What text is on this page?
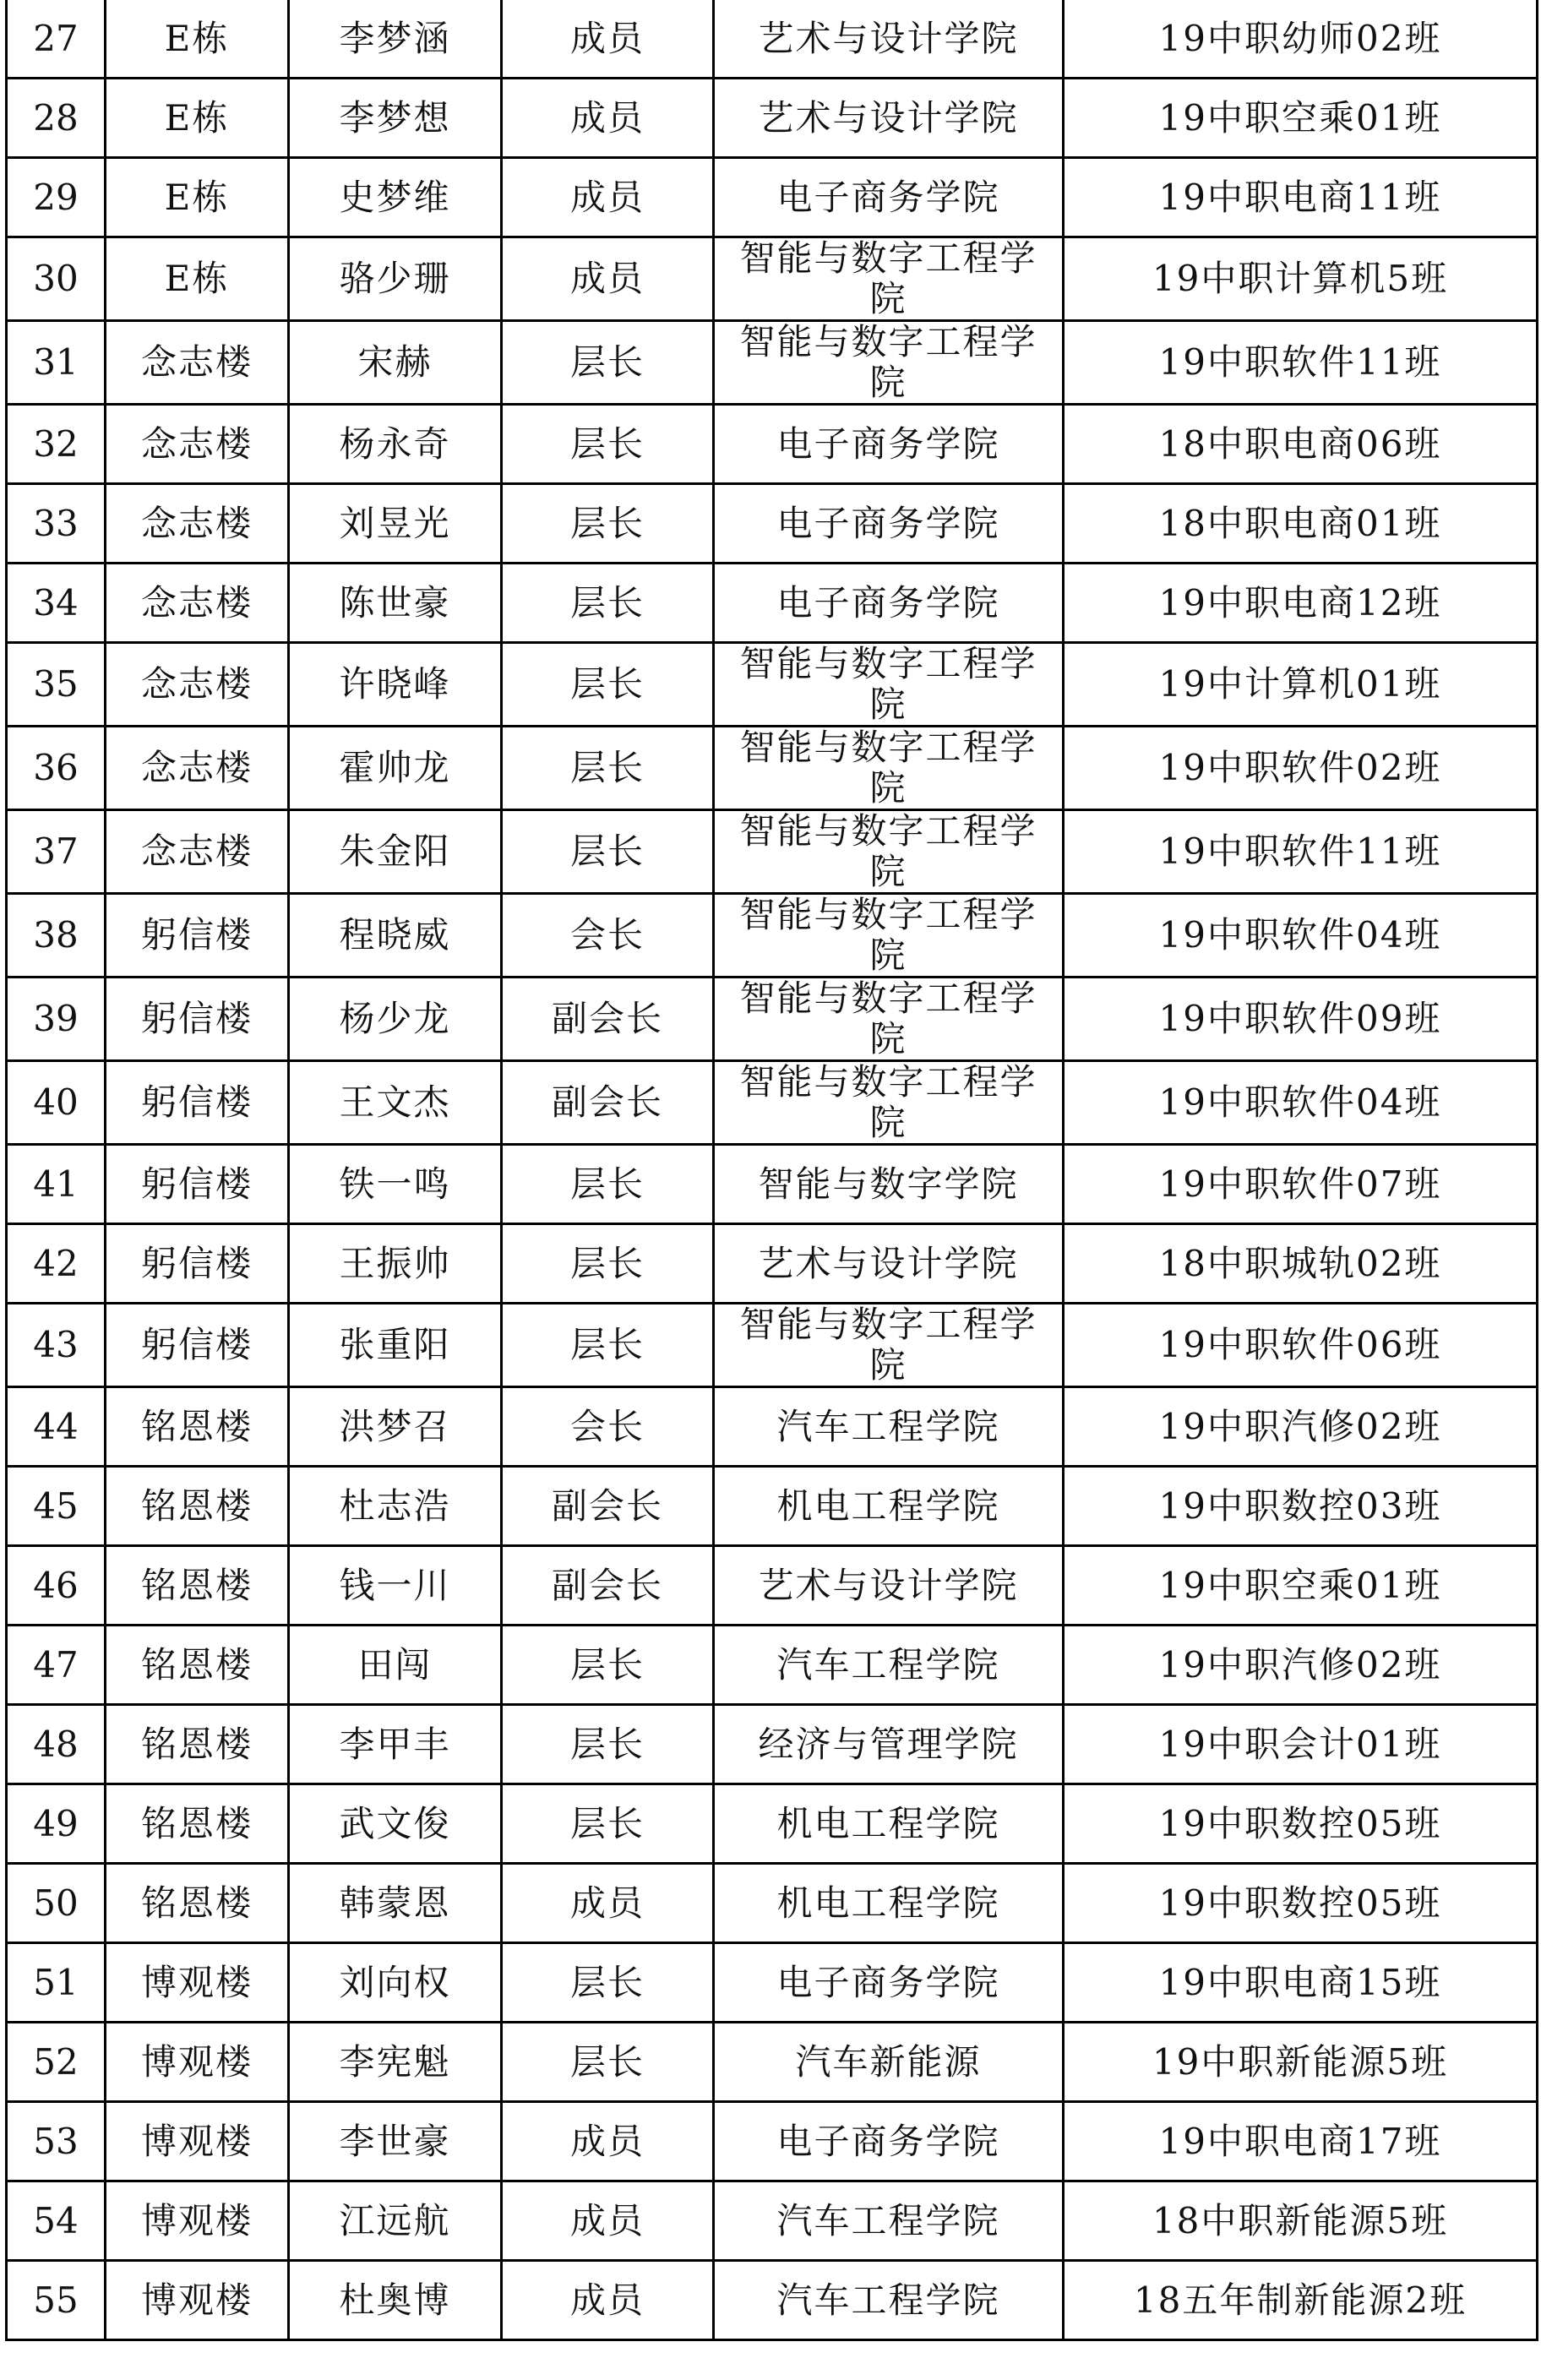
27	E栋	李梦涵	成员	艺术与设计学院	19中职幼师02班
28	E栋	李梦想	成员	艺术与设计学院	19中职空乘01班
29	E栋	史梦维	成员	电子商务学院	19中职电商11班
30	E栋	骆少珊	成员	智能与数字工程学院	19中职计算机5班
31	念志楼	宋赫	层长	智能与数字工程学院	19中职软件11班
32	念志楼	杨永奇	层长	电子商务学院	18中职电商06班
33	念志楼	刘昱光	层长	电子商务学院	18中职电商01班
34	念志楼	陈世豪	层长	电子商务学院	19中职电商12班
35	念志楼	许晓峰	层长	智能与数字工程学院	19中计算机01班
36	念志楼	霍帅龙	层长	智能与数字工程学院	19中职软件02班
37	念志楼	朱金阳	层长	智能与数字工程学院	19中职软件11班
38	躬信楼	程晓威	会长	智能与数字工程学院	19中职软件04班
39	躬信楼	杨少龙	副会长	智能与数字工程学院	19中职软件09班
40	躬信楼	王文杰	副会长	智能与数字工程学院	19中职软件04班
41	躬信楼	铁一鸣	层长	智能与数字学院	19中职软件07班
42	躬信楼	王振帅	层长	艺术与设计学院	18中职城轨02班
43	躬信楼	张重阳	层长	智能与数字工程学院	19中职软件06班
44	铭恩楼	洪梦召	会长	汽车工程学院	19中职汽修02班
45	铭恩楼	杜志浩	副会长	机电工程学院	19中职数控03班
46	铭恩楼	钱一川	副会长	艺术与设计学院	19中职空乘01班
47	铭恩楼	田闯	层长	汽车工程学院	19中职汽修02班
48	铭恩楼	李甲丰	层长	经济与管理学院	19中职会计01班
49	铭恩楼	武文俊	层长	机电工程学院	19中职数控05班
50	铭恩楼	韩蒙恩	成员	机电工程学院	19中职数控05班
51	博观楼	刘向权	层长	电子商务学院	19中职电商15班
52	博观楼	李宪魁	层长	汽车新能源	19中职新能源5班
53	博观楼	李世豪	成员	电子商务学院	19中职电商17班
54	博观楼	江远航	成员	汽车工程学院	18中职新能源5班
55	博观楼	杜奥博	成员	汽车工程学院	18五年制新能源2班
